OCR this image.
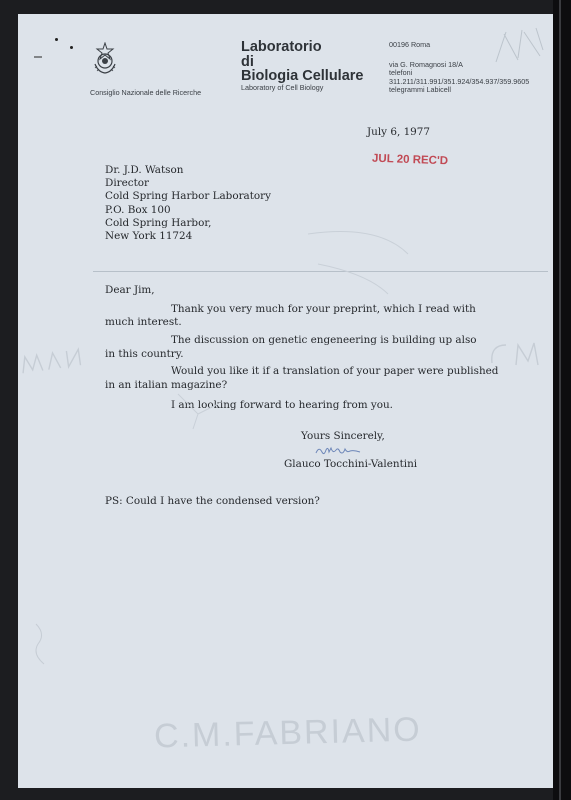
Consiglio Nazionale delle Ricerche
Laboratorio
di
Biologia Cellulare
Laboratory of Cell Biology
00196 Roma
via G. Romagnosi 18/A
telefoni
311.211/311.991/351.924/354.937/359.9605
telegrammi Labicell
July 6, 1977
JUL 20 REC'D
Dr. J.D. Watson
Director
Cold Spring Harbor Laboratory
P.O. Box 100
Cold Spring Harbor,
New York 11724
Dear Jim,
Thank you very much for your preprint, which I read with
much interest.
The discussion on genetic engeneering is building up also
in this country.
Would you like it if a translation of your paper were published
in an italian magazine?
I am looking forward to hearing from you.
Yours Sincerely,
Glauco Tocchini-Valentini
PS: Could I have the condensed version?
C.M.FABRIANO
